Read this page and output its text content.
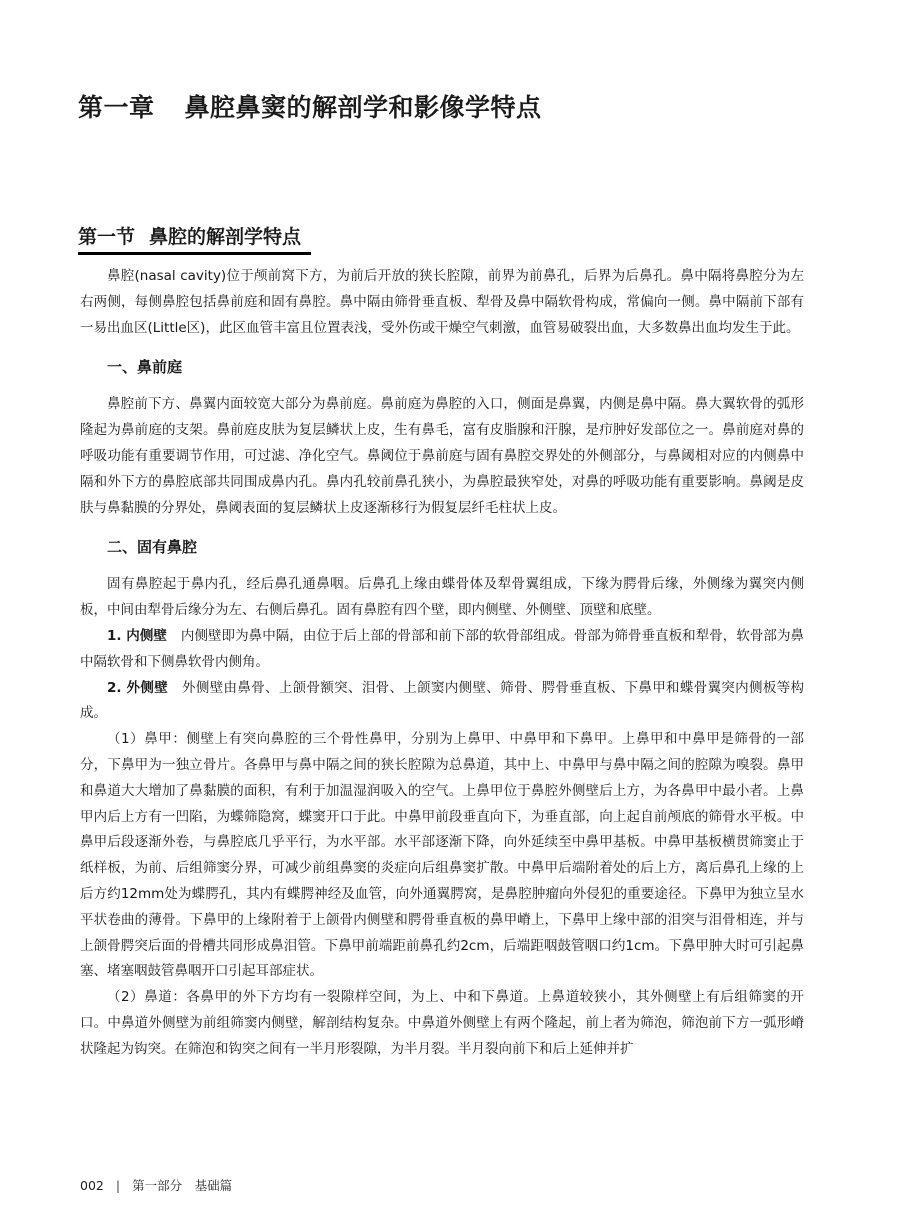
第一章 鼻腔鼻窦的解剖学和影像学特点
第一节 鼻腔的解剖学特点

鼻腔(nasal cavity)位于颅前窝下方，为前后开放的狭长腔隙，前界为前鼻孔，后界为后鼻孔。鼻中隔将鼻腔分为左右两侧，每侧鼻腔包括鼻前庭和固有鼻腔。鼻中隔由筛骨垂直板、犁骨及鼻中隔软骨构成，常偏向一侧。鼻中隔前下部有一易出血区(Little区)，此区血管丰富且位置表浅，受外伤或干燥空气刺激，血管易破裂出血，大多数鼻出血均发生于此。

一、鼻前庭

鼻腔前下方、鼻翼内面较宽大部分为鼻前庭。鼻前庭为鼻腔的入口，侧面是鼻翼，内侧是鼻中隔。鼻大翼软骨的弧形隆起为鼻前庭的支架。鼻前庭皮肤为复层鳞状上皮，生有鼻毛，富有皮脂腺和汗腺，是疖肿好发部位之一。鼻前庭对鼻的呼吸功能有重要调节作用，可过滤、净化空气。鼻阈位于鼻前庭与固有鼻腔交界处的外侧部分，与鼻阈相对应的内侧鼻中隔和外下方的鼻腔底部共同围成鼻内孔。鼻内孔较前鼻孔狭小，为鼻腔最狭窄处，对鼻的呼吸功能有重要影响。鼻阈是皮肤与鼻黏膜的分界处，鼻阈表面的复层鳞状上皮逐渐移行为假复层纤毛柱状上皮。

二、固有鼻腔

固有鼻腔起于鼻内孔，经后鼻孔通鼻咽。后鼻孔上缘由蝶骨体及犁骨翼组成，下缘为腭骨后缘，外侧缘为翼突内侧板，中间由犁骨后缘分为左、右侧后鼻孔。固有鼻腔有四个壁，即内侧壁、外侧壁、顶壁和底壁。

1. 内侧壁 内侧壁即为鼻中隔，由位于后上部的骨部和前下部的软骨部组成。骨部为筛骨垂直板和犁骨，软骨部为鼻中隔软骨和下侧鼻软骨内侧角。

2. 外侧壁 外侧壁由鼻骨、上颌骨额突、泪骨、上颌窦内侧壁、筛骨、腭骨垂直板、下鼻甲和蝶骨翼突内侧板等构成。

（1）鼻甲：侧壁上有突向鼻腔的三个骨性鼻甲，分别为上鼻甲、中鼻甲和下鼻甲。上鼻甲和中鼻甲是筛骨的一部分，下鼻甲为一独立骨片。各鼻甲与鼻中隔之间的狭长腔隙为总鼻道，其中上、中鼻甲与鼻中隔之间的腔隙为嗅裂。鼻甲和鼻道大大增加了鼻黏膜的面积，有利于加温湿润吸入的空气。上鼻甲位于鼻腔外侧壁后上方，为各鼻甲中最小者。上鼻甲内后上方有一凹陷，为蝶筛隐窝，蝶窦开口于此。中鼻甲前段垂直向下，为垂直部，向上起自前颅底的筛骨水平板。中鼻甲后段逐渐外卷，与鼻腔底几乎平行，为水平部。水平部逐渐下降，向外延续至中鼻甲基板。中鼻甲基板横贯筛窦止于纸样板，为前、后组筛窦分界，可减少前组鼻窦的炎症向后组鼻窦扩散。中鼻甲后端附着处的后上方，离后鼻孔上缘的上后方约12mm处为蝶腭孔，其内有蝶腭神经及血管，向外通翼腭窝，是鼻腔肿瘤向外侵犯的重要途径。下鼻甲为独立呈水平状卷曲的薄骨。下鼻甲的上缘附着于上颌骨内侧壁和腭骨垂直板的鼻甲嵴上，下鼻甲上缘中部的泪突与泪骨相连，并与上颌骨腭突后面的骨槽共同形成鼻泪管。下鼻甲前端距前鼻孔约2cm，后端距咽鼓管咽口约1cm。下鼻甲肿大时可引起鼻塞、堵塞咽鼓管鼻咽开口引起耳部症状。

（2）鼻道：各鼻甲的外下方均有一裂隙样空间，为上、中和下鼻道。上鼻道较狭小，其外侧壁上有后组筛窦的开口。中鼻道外侧壁为前组筛窦内侧壁，解剖结构复杂。中鼻道外侧壁上有两个隆起，前上者为筛泡，筛泡前下方一弧形嵴状隆起为钩突。在筛泡和钩突之间有一半月形裂隙，为半月裂。半月裂向前下和后上延伸并扩

002 | 第一部分　基础篇
